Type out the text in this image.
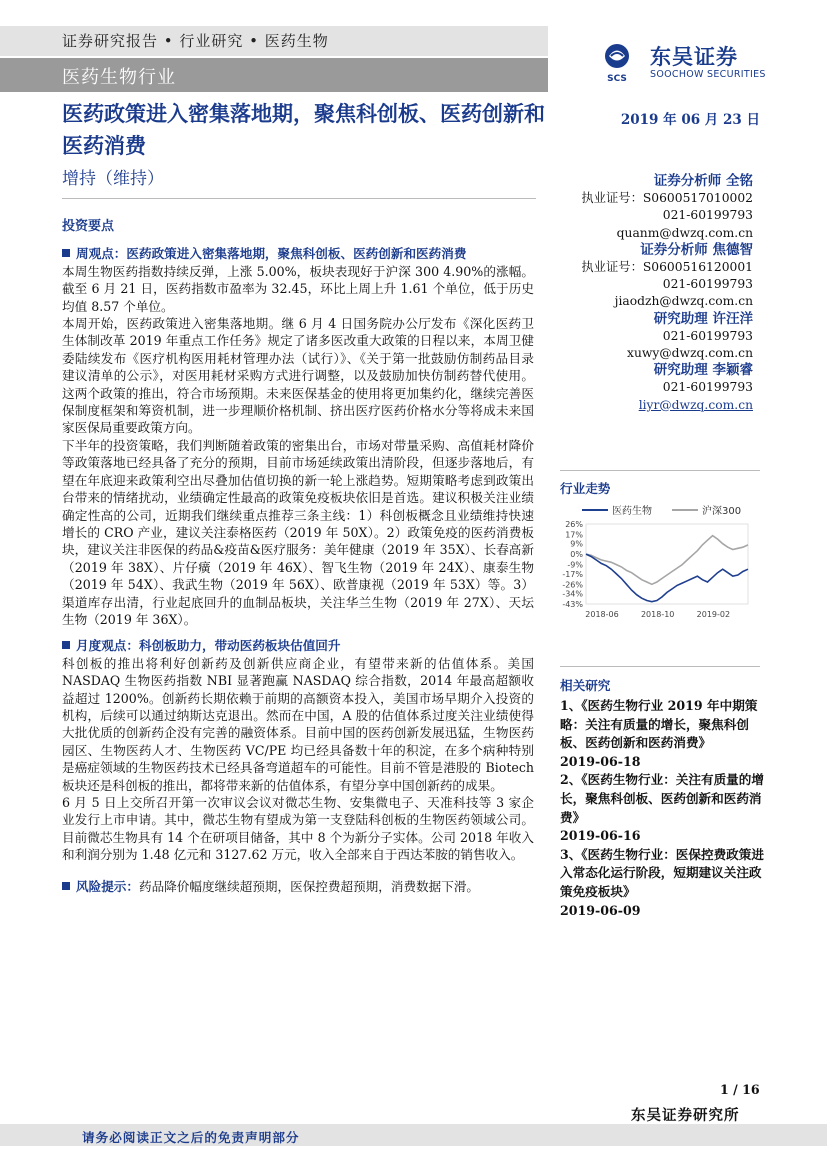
证券研究报告 • 行业研究 • 医药生物
医药生物行业	SCS
东吴证券
SOOCHOW SECURITIES
医药政策进入密集落地期，聚焦科创板、医药创新和医药消费
2019 年 06 月 23 日
增持（维持）

投资要点

周观点：医药政策进入密集落地期，聚焦科创板、医药创新和医药消费

本周生物医药指数持续反弹，上涨 5.00%，板块表现好于沪深 300 4.90%的涨幅。截至 6 月 21 日，医药指数市盈率为 32.45，环比上周上升 1.61 个单位，低于历史均值 8.57 个单位。

本周开始，医药政策进入密集落地期。继 6 月 4 日国务院办公厅发布《深化医药卫生体制改革 2019 年重点工作任务》规定了诸多医改重大政策的日程以来，本周卫健委陆续发布《医疗机构医用耗材管理办法（试行）》、《关于第一批鼓励仿制药品目录建议清单的公示》，对医用耗材采购方式进行调整，以及鼓励加快仿制药替代使用。这两个政策的推出，符合市场预期。未来医保基金的使用将更加集约化，继续完善医保制度框架和筹资机制，进一步理顺价格机制、挤出医疗医药价格水分等将成未来国家医保局重要政策方向。

下半年的投资策略，我们判断随着政策的密集出台，市场对带量采购、高值耗材降价等政策落地已经具备了充分的预期，目前市场延续政策出清阶段，但逐步落地后，有望在年底迎来政策利空出尽叠加估值切换的新一轮上涨趋势。短期策略考虑到政策出台带来的情绪扰动，业绩确定性最高的政策免疫板块依旧是首选。建议积极关注业绩确定性高的公司，近期我们继续重点推荐三条主线：1）科创板概念且业绩维持快速增长的 CRO 产业，建议关注泰格医药（2019 年 50X）。2）政策免疫的医药消费板块，建议关注非医保的药品&疫苗&医疗服务：美年健康（2019 年 35X）、长春高新（2019 年 38X）、片仔癀（2019 年 46X）、智飞生物（2019 年 24X）、康泰生物（2019 年 54X）、我武生物（2019 年 56X）、欧普康视（2019 年 53X）等。3）渠道库存出清，行业起底回升的血制品板块，关注华兰生物（2019 年 27X）、天坛生物（2019 年 36X）。

月度观点：科创板助力，带动医药板块估值回升

科创板的推出将利好创新药及创新供应商企业，有望带来新的估值体系。美国 NASDAQ 生物医药指数 NBI 显著跑赢 NASDAQ 综合指数，2014 年最高超额收益超过 1200%。创新药长期依赖于前期的高额资本投入，美国市场早期介入投资的机构，后续可以通过纳斯达克退出。然而在中国，A 股的估值体系过度关注业绩使得大批优质的创新药企没有完善的融资体系。目前中国的医药创新发展迅猛，生物医药园区、生物医药人才、生物医药 VC/PE 均已经具备数十年的积淀，在多个病种特别是癌症领域的生物医药技术已经具备弯道超车的可能性。目前不管是港股的 Biotech 板块还是科创板的推出，都将带来新的估值体系，有望分享中国创新药的成果。

6 月 5 日上交所召开第一次审议会议对微芯生物、安集微电子、天准科技等 3 家企业发行上市申请。其中，微芯生物有望成为第一支登陆科创板的生物医药领域公司。目前微芯生物具有 14 个在研项目储备，其中 8 个为新分子实体。公司 2018 年收入和利润分别为 1.48 亿元和 3127.62 万元，收入全部来自于西达苯胺的销售收入。

风险提示：药品降价幅度继续超预期，医保控费超预期，消费数据下滑。

证券分析师 全铭
执业证号：S0600517010002
021-60199793
quanm@dwzq.com.cn
证券分析师 焦德智
执业证号：S0600516120001
021-60199793
jiaodzh@dwzq.com.cn
研究助理 许汪洋
021-60199793
xuwy@dwzq.com.cn
研究助理 李颖睿
021-60199793
liyr@dwzq.com.cn
行业走势
医药生物	沪深300
26%
17%
9%
0%
-9%
-17%
-26%
-34%
-43%
2018-06	2018-10	2019-02
相关研究

1、《医药生物行业 2019 年中期策略：关注有质量的增长，聚焦科创板、医药创新和医药消费》

2019-06-18

2、《医药生物行业：关注有质量的增长，聚焦科创板、医药创新和医药消费》

2019-06-16

3、《医药生物行业：医保控费政策进入常态化运行阶段，短期建议关注政策免疫板块》

2019-06-09

1 / 16
东吴证券研究所
请务必阅读正文之后的免责声明部分
